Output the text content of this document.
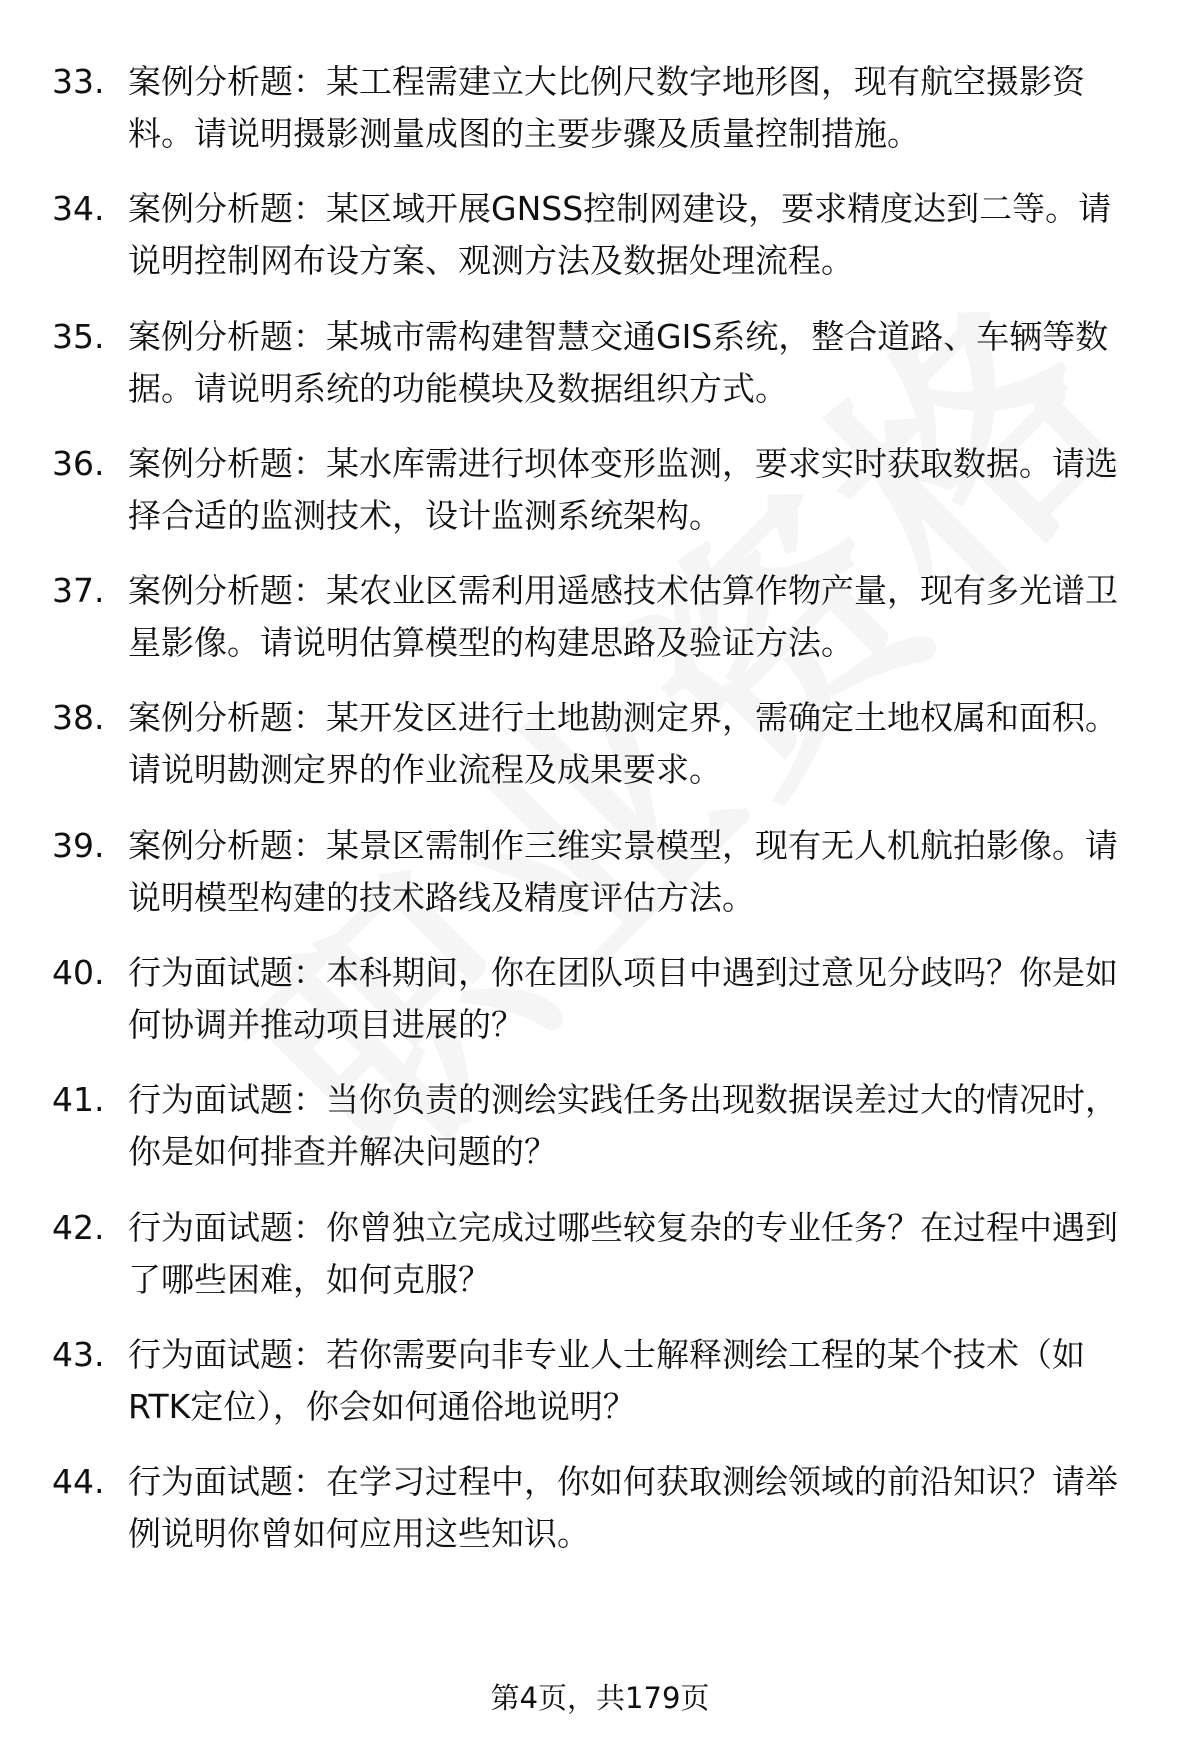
33. 案例分析题：某工程需建立大比例尺数字地形图，现有航空摄影资料。请说明摄影测量成图的主要步骤及质量控制措施。
34. 案例分析题：某区域开展GNSS控制网建设，要求精度达到二等。请说明控制网布设方案、观测方法及数据处理流程。
35. 案例分析题：某城市需构建智慧交通GIS系统，整合道路、车辆等数据。请说明系统的功能模块及数据组织方式。
36. 案例分析题：某水库需进行坝体变形监测，要求实时获取数据。请选择合适的监测技术，设计监测系统架构。
37. 案例分析题：某农业区需利用遥感技术估算作物产量，现有多光谱卫星影像。请说明估算模型的构建思路及验证方法。
38. 案例分析题：某开发区进行土地勘测定界，需确定土地权属和面积。请说明勘测定界的作业流程及成果要求。
39. 案例分析题：某景区需制作三维实景模型，现有无人机航拍影像。请说明模型构建的技术路线及精度评估方法。
40. 行为面试题：本科期间，你在团队项目中遇到过意见分歧吗？你是如何协调并推动项目进展的？
41. 行为面试题：当你负责的测绘实践任务出现数据误差过大的情况时，你是如何排查并解决问题的？
42. 行为面试题：你曾独立完成过哪些较复杂的专业任务？在过程中遇到了哪些困难，如何克服？
43. 行为面试题：若你需要向非专业人士解释测绘工程的某个技术（如RTK定位），你会如何通俗地说明？
44. 行为面试题：在学习过程中，你如何获取测绘领域的前沿知识？请举例说明你曾如何应用这些知识。
第4页，共179页
